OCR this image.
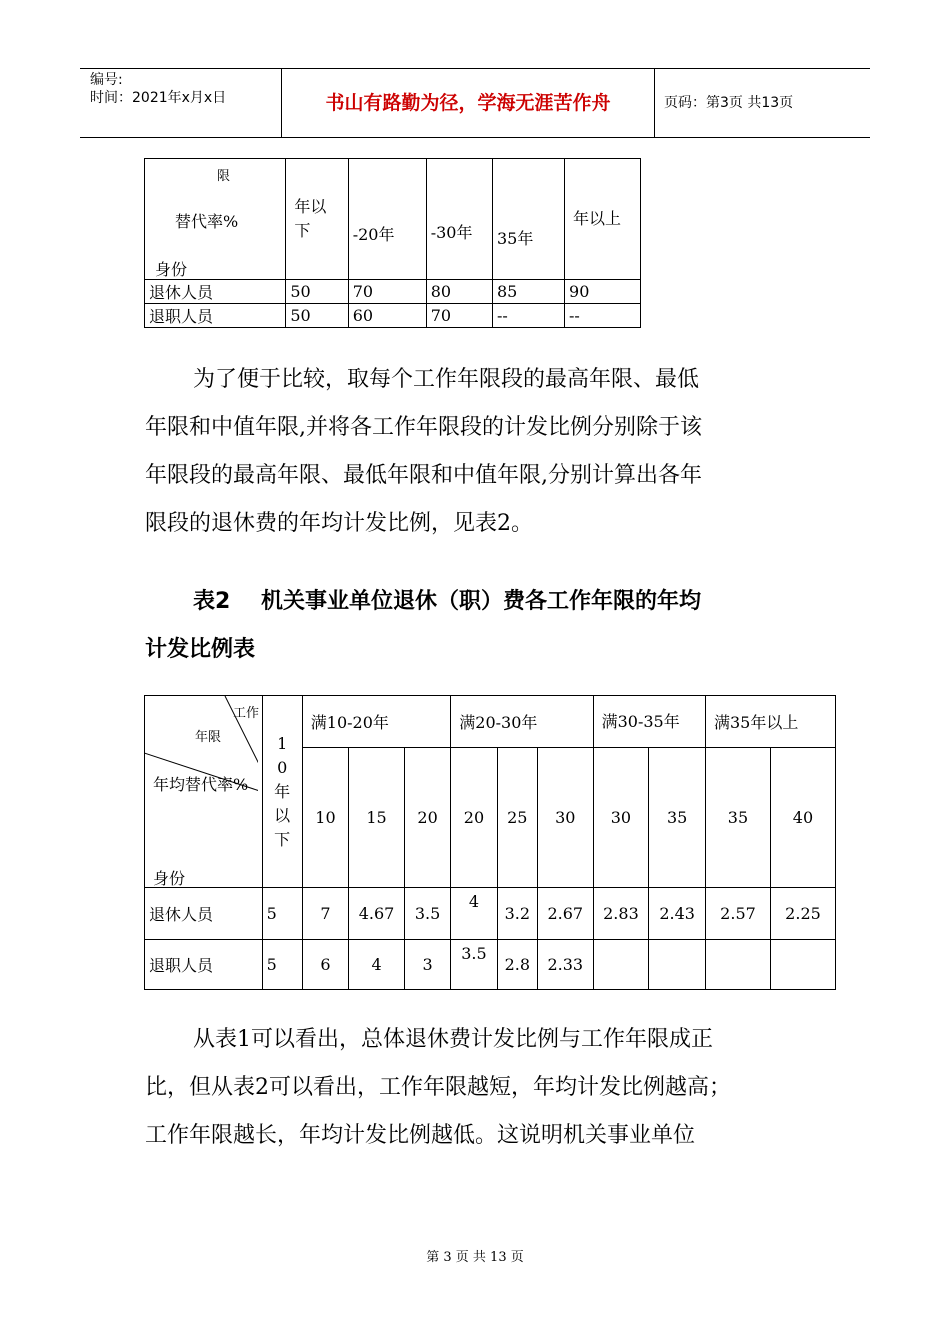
编号:
时间：2021年x月x日	书山有路勤为径，学海无涯苦作舟	页码：第3页 共13页
限
替代率%
身份	年以下	-20年	-30年	35年	年以上
退休人员	50	70	80	85	90
退职人员	50	60	70	--	--

为了便于比较，取每个工作年限段的最高年限、最低

年限和中值年限,并将各工作年限段的计发比例分别除于该

年限段的最高年限、最低年限和中值年限,分别计算出各年

限段的退休费的年均计发比例，见表2。

表2    机关事业单位退休（职）费各工作年限的年均
计发比例表
工作
年限
年均替代率%
身份	10年以下	满10-20年			满20-30年			满30-35年		满35年以上	
		10	15	20	20	25	30	30	35	35	40
退休人员	5	7	4.67	3.5	4	3.2	2.67	2.83	2.43	2.57	2.25
退职人员	5	6	4	3	3.5	2.8	2.33				

从表1可以看出，总体退休费计发比例与工作年限成正

比，但从表2可以看出，工作年限越短，年均计发比例越高；

工作年限越长，年均计发比例越低。这说明机关事业单位

第 3 页 共 13 页
